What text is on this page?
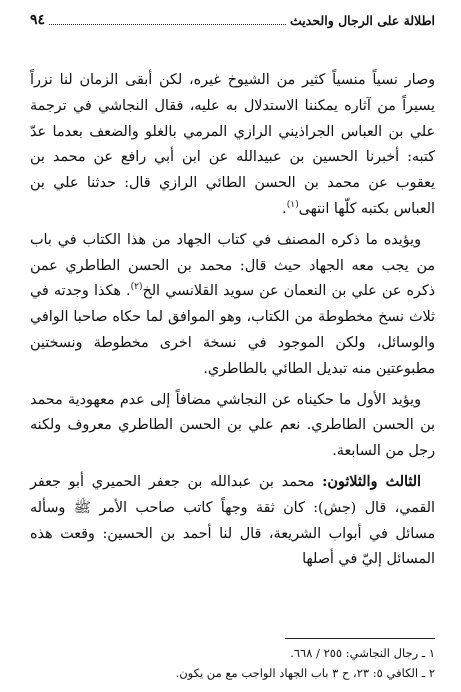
اطلالة على الرجال والحديث
٩٤

وصار نسياً منسياً كثير من الشيوخ غيره، لكن أبقى الزمان لنا نزراً يسيراً من آثاره يمكننا الاستدلال به عليه، فقال النجاشي في ترجمة علي بن العباس الجراذيني الرازي المرمي بالغلو والضعف بعدما عدّ كتبه: أخبرنا الحسين بن عبيدالله عن ابن أبي رافع عن محمد بن يعقوب عن محمد بن الحسن الطائي الرازي قال: حدثنا علي بن العباس بكتبه كلّها انتهى$^{(١)}$.

ويؤيده ما ذكره المصنف في كتاب الجهاد من هذا الكتاب في باب من يجب معه الجهاد حيث قال: محمد بن الحسن الطاطري عمن ذكره عن علي بن النعمان عن سويد القلانسي الخ$^{(٢)}$. هكذا وجدته في ثلاث نسخ مخطوطة من الكتاب، وهو الموافق لما حكاه صاحبا الوافي والوسائل، ولكن الموجود في نسخة اخرى مخطوطة ونسختين مطبوعتين منه تبديل الطائي بالطاطري.

ويؤيد الأول ما حكيناه عن النجاشي مضافاً إلى عدم معهودية محمد بن الحسن الطاطري. نعم علي بن الحسن الطاطري معروف ولكنه رجل من السابعة.

الثالث والثلاثون: محمد بن عبدالله بن جعفر الحميري أبو جعفر القمي، قال (جش): كان ثقة وجهاً كاتب صاحب الأمر ﷺ وسأله مسائل في أبواب الشريعة، قال لنا أحمد بن الحسين: وقعت هذه المسائل إليّ في أصلها

١ ـ رجال النجاشي: ٢٥٥ / ٦٦٨.
٢ ـ الكافي ٥: ٢٣، ح ٣ باب الجهاد الواجب مع من يكون.
